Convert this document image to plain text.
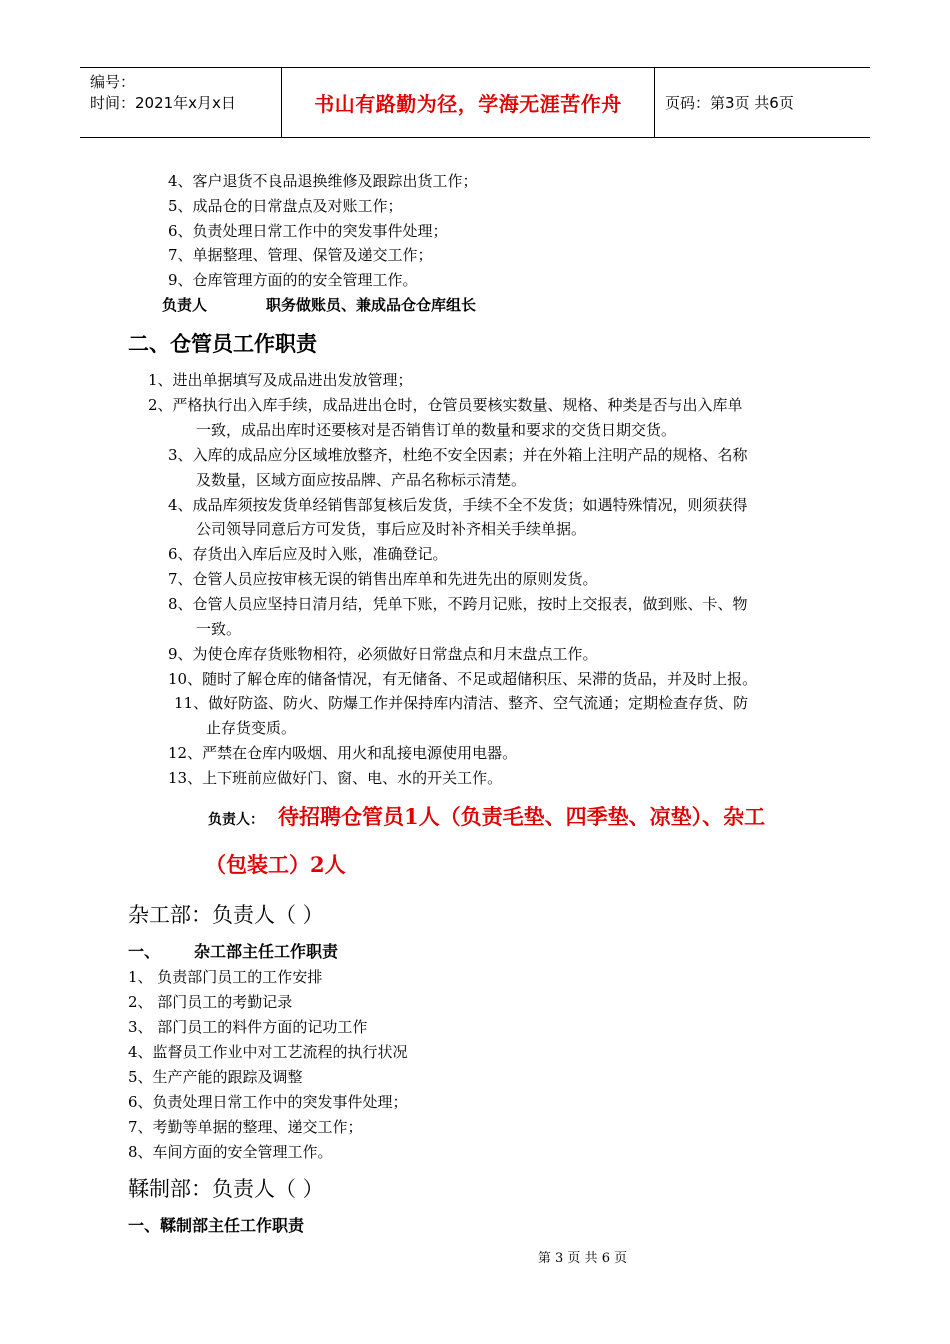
编号：
时间：2021年x月x日	书山有路勤为径，学海无涯苦作舟	页码：第3页 共6页
4、客户退货不良品退换维修及跟踪出货工作；
5、成品仓的日常盘点及对账工作；
6、负责处理日常工作中的突发事件处理；
7、单据整理、管理、保管及递交工作；
9、仓库管理方面的的安全管理工作。
负责人	职务做账员、兼成品仓仓库组长
二、仓管员工作职责
1、进出单据填写及成品进出发放管理；
2、严格执行出入库手续，成品进出仓时，仓管员要核实数量、规格、种类是否与出入库单
一致，成品出库时还要核对是否销售订单的数量和要求的交货日期交货。
3、入库的成品应分区域堆放整齐，杜绝不安全因素；并在外箱上注明产品的规格、名称
及数量，区域方面应按品牌、产品名称标示清楚。
4、成品库须按发货单经销售部复核后发货，手续不全不发货；如遇特殊情况，则须获得
公司领导同意后方可发货，事后应及时补齐相关手续单据。
6、存货出入库后应及时入账，准确登记。
7、仓管人员应按审核无误的销售出库单和先进先出的原则发货。
8、仓管人员应坚持日清月结，凭单下账，不跨月记账，按时上交报表，做到账、卡、物
一致。
9、为使仓库存货账物相符，必须做好日常盘点和月末盘点工作。
10、随时了解仓库的储备情况，有无储备、不足或超储积压、呆滞的货品，并及时上报。
11、做好防盗、防火、防爆工作并保持库内清洁、整齐、空气流通；定期检查存货、防
止存货变质。
12、严禁在仓库内吸烟、用火和乱接电源使用电器。
13、上下班前应做好门、窗、电、水的开关工作。
负责人： 待招聘仓管员1人（负责毛垫、四季垫、凉垫）、杂工
（包装工）2人
杂工部：负责人（ ）
一、 杂工部主任工作职责
1、 负责部门员工的工作安排
2、 部门员工的考勤记录
3、 部门员工的料件方面的记功工作
4、监督员工作业中对工艺流程的执行状况
5、生产产能的跟踪及调整
6、负责处理日常工作中的突发事件处理；
7、考勤等单据的整理、递交工作；
8、车间方面的安全管理工作。
鞣制部：负责人（ ）
一、鞣制部主任工作职责
第 3 页 共 6 页
